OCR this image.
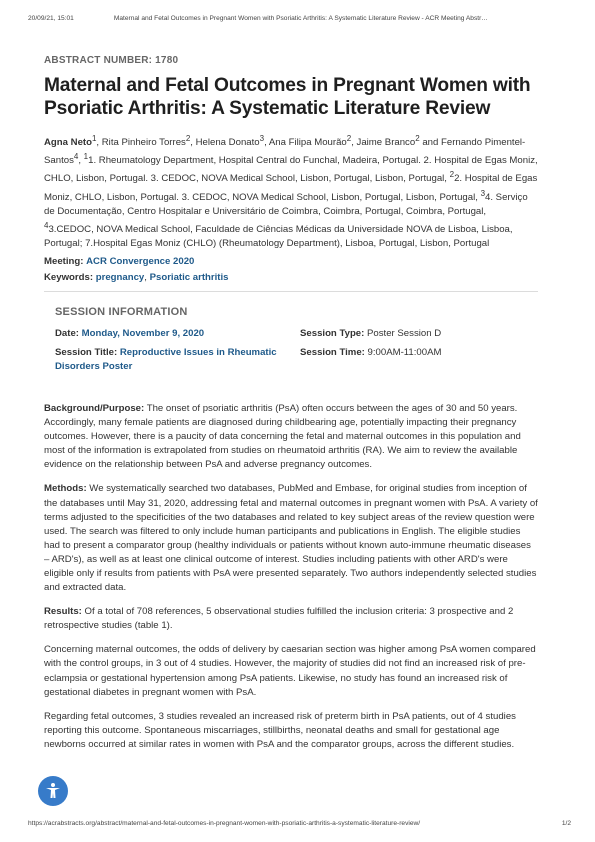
20/09/21, 15:01	Maternal and Fetal Outcomes in Pregnant Women with Psoriatic Arthritis: A Systematic Literature Review - ACR Meeting Abstr…
ABSTRACT NUMBER: 1780
Maternal and Fetal Outcomes in Pregnant Women with Psoriatic Arthritis: A Systematic Literature Review
Agna Neto$^1$, Rita Pinheiro Torres$^2$, Helena Donato$^3$, Ana Filipa Mourão$^2$, Jaime Branco$^2$ and Fernando Pimentel-Santos$^4$, $^1$1. Rheumatology Department, Hospital Central do Funchal, Madeira, Portugal. 2. Hospital de Egas Moniz, CHLO, Lisbon, Portugal. 3. CEDOC, NOVA Medical School, Lisbon, Portugal, Lisbon, Portugal, $^2$2. Hospital de Egas Moniz, CHLO, Lisbon, Portugal. 3. CEDOC, NOVA Medical School, Lisbon, Portugal, Lisbon, Portugal, $^3$4. Serviço de Documentação, Centro Hospitalar e Universitário de Coimbra, Coimbra, Portugal, Coimbra, Portugal, $^4$3.CEDOC, NOVA Medical School, Faculdade de Ciências Médicas da Universidade NOVA de Lisboa, Lisboa, Portugal; 7.Hospital Egas Moniz (CHLO) (Rheumatology Department), Lisboa, Portugal, Lisbon, Portugal
Meeting: ACR Convergence 2020
Keywords: pregnancy, Psoriatic arthritis
SESSION INFORMATION
Date: Monday, November 9, 2020	Session Type: Poster Session D
Session Title: Reproductive Issues in Rheumatic Disorders Poster
Session Time: 9:00AM-11:00AM

Background/Purpose: The onset of psoriatic arthritis (PsA) often occurs between the ages of 30 and 50 years. Accordingly, many female patients are diagnosed during childbearing age, potentially impacting their pregnancy outcomes. However, there is a paucity of data concerning the fetal and maternal outcomes in this population and most of the information is extrapolated from studies on rheumatoid arthritis (RA). We aim to review the available evidence on the relationship between PsA and adverse pregnancy outcomes.

Methods: We systematically searched two databases, PubMed and Embase, for original studies from inception of the databases until May 31, 2020, addressing fetal and maternal outcomes in pregnant women with PsA. A variety of terms adjusted to the specificities of the two databases and related to key subject areas of the review question were used. The search was filtered to only include human participants and publications in English. The eligible studies had to present a comparator group (healthy individuals or patients without known auto-immune rheumatic diseases – ARD's), as well as at least one clinical outcome of interest. Studies including patients with other ARD's were eligible only if results from patients with PsA were presented separately. Two authors independently selected studies and extracted data.

Results: Of a total of 708 references, 5 observational studies fulfilled the inclusion criteria: 3 prospective and 2 retrospective studies (table 1).

Concerning maternal outcomes, the odds of delivery by caesarian section was higher among PsA women compared with the control groups, in 3 out of 4 studies. However, the majority of studies did not find an increased risk of pre-eclampsia or gestational hypertension among PsA patients. Likewise, no study has found an increased risk of gestational diabetes in pregnant women with PsA.

Regarding fetal outcomes, 3 studies revealed an increased risk of preterm birth in PsA patients, out of 4 studies reporting this outcome. Spontaneous miscarriages, stillbirths, neonatal deaths and small for gestational age newborns occurred at similar rates in women with PsA and the comparator groups, across the different studies.

https://acrabstracts.org/abstract/maternal-and-fetal-outcomes-in-pregnant-women-with-psoriatic-arthritis-a-systematic-literature-review/	1/2
